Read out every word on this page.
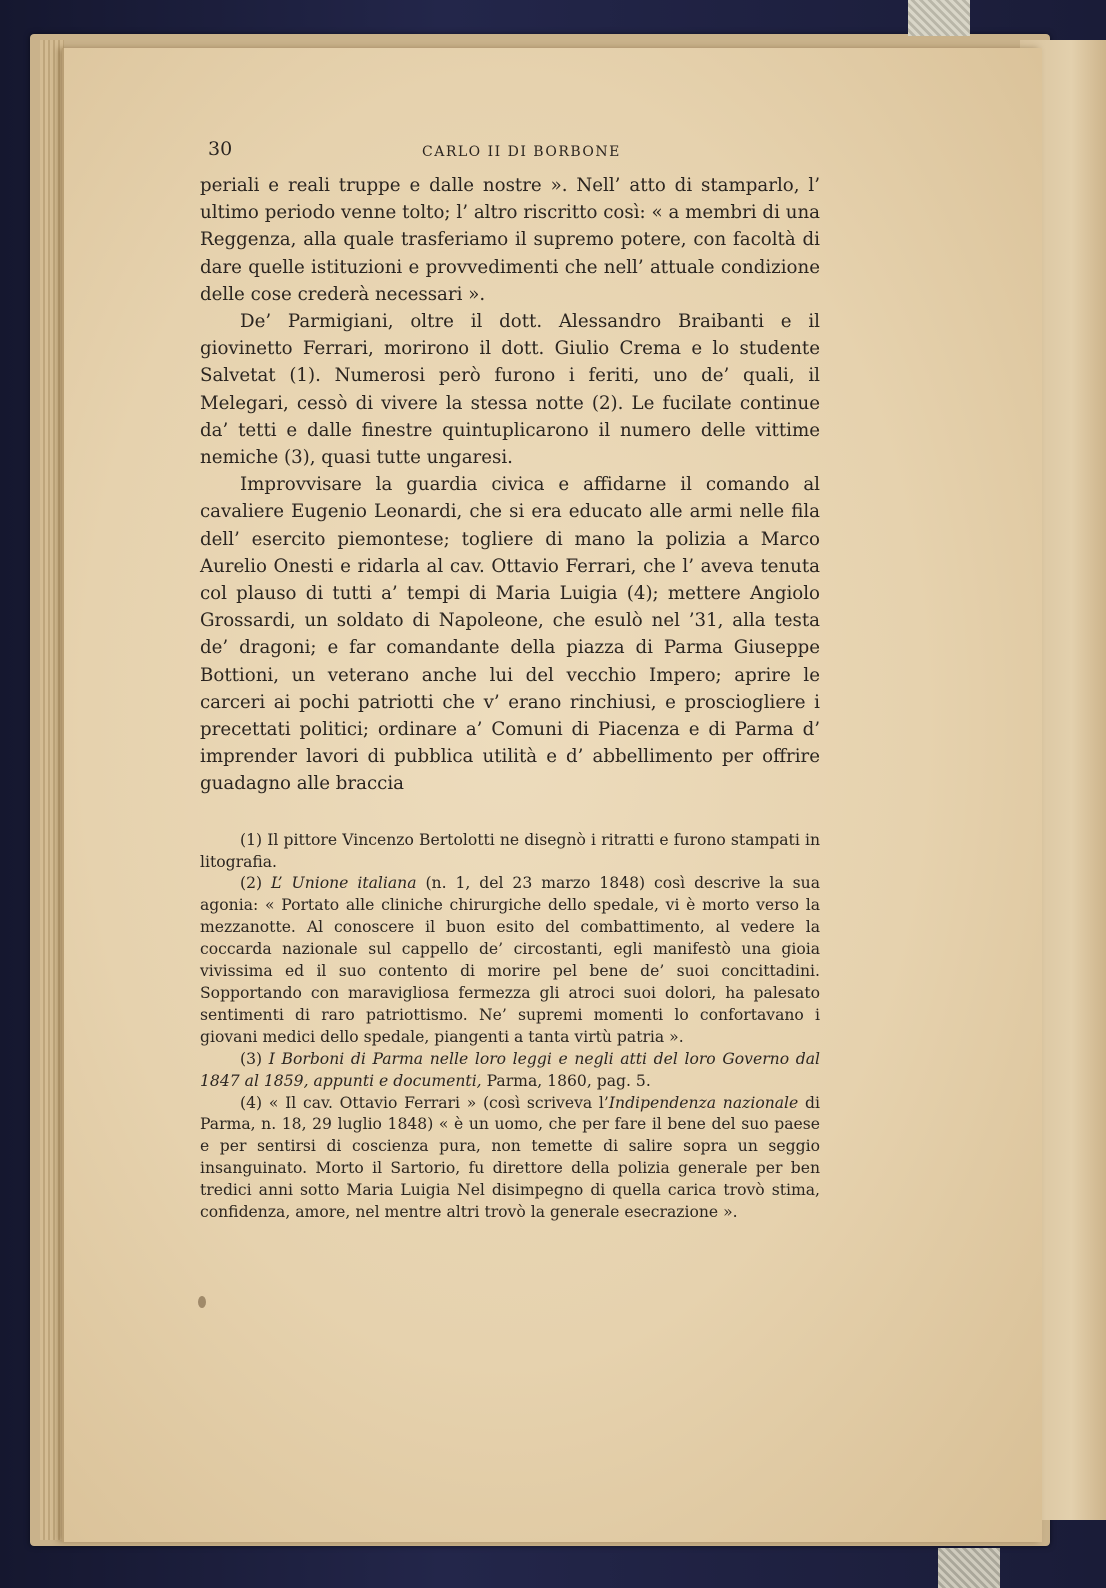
30	CARLO II DI BORBONE

periali e reali truppe e dalle nostre ». Nell’ atto di stamparlo, l’ ultimo periodo venne tolto; l’ altro riscritto così: « a membri di una Reggenza, alla quale trasferiamo il supremo potere, con facoltà di dare quelle istituzioni e provvedimenti che nell’ attuale condizione delle cose crederà necessari ».

De’ Parmigiani, oltre il dott. Alessandro Braibanti e il giovinetto Ferrari, morirono il dott. Giulio Crema e lo studente Salvetat (1). Numerosi però furono i feriti, uno de’ quali, il Melegari, cessò di vivere la stessa notte (2). Le fucilate continue da’ tetti e dalle finestre quintuplicarono il numero delle vittime nemiche (3), quasi tutte ungaresi.

Improvvisare la guardia civica e affidarne il comando al cavaliere Eugenio Leonardi, che si era educato alle armi nelle fila dell’ esercito piemontese; togliere di mano la polizia a Marco Aurelio Onesti e ridarla al cav. Ottavio Ferrari, che l’ aveva tenuta col plauso di tutti a’ tempi di Maria Luigia (4); mettere Angiolo Grossardi, un soldato di Napoleone, che esulò nel ’31, alla testa de’ dragoni; e far comandante della piazza di Parma Giuseppe Bottioni, un veterano anche lui del vecchio Impero; aprire le carceri ai pochi patriotti che v’ erano rinchiusi, e prosciogliere i precettati politici; ordinare a’ Comuni di Piacenza e di Parma d’ imprender lavori di pubblica utilità e d’ abbellimento per offrire guadagno alle braccia

(1) Il pittore Vincenzo Bertolotti ne disegnò i ritratti e furono stampati in litografia.

(2) L’ Unione italiana (n. 1, del 23 marzo 1848) così descrive la sua agonia: « Portato alle cliniche chirurgiche dello spedale, vi è morto verso la mezzanotte. Al conoscere il buon esito del combattimento, al vedere la coccarda nazionale sul cappello de’ circostanti, egli manifestò una gioia vivissima ed il suo contento di morire pel bene de’ suoi concittadini. Sopportando con maravigliosa fermezza gli atroci suoi dolori, ha palesato sentimenti di raro patriottismo. Ne’ supremi momenti lo confortavano i giovani medici dello spedale, piangenti a tanta virtù patria ».

(3) I Borboni di Parma nelle loro leggi e negli atti del loro Governo dal 1847 al 1859, appunti e documenti, Parma, 1860, pag. 5.

(4) « Il cav. Ottavio Ferrari » (così scriveva l’Indipendenza nazionale di Parma, n. 18, 29 luglio 1848) « è un uomo, che per fare il bene del suo paese e per sentirsi di coscienza pura, non temette di salire sopra un seggio insanguinato. Morto il Sartorio, fu direttore della polizia generale per ben tredici anni sotto Maria Luigia Nel disimpegno di quella carica trovò stima, confidenza, amore, nel mentre altri trovò la generale esecrazione ».
